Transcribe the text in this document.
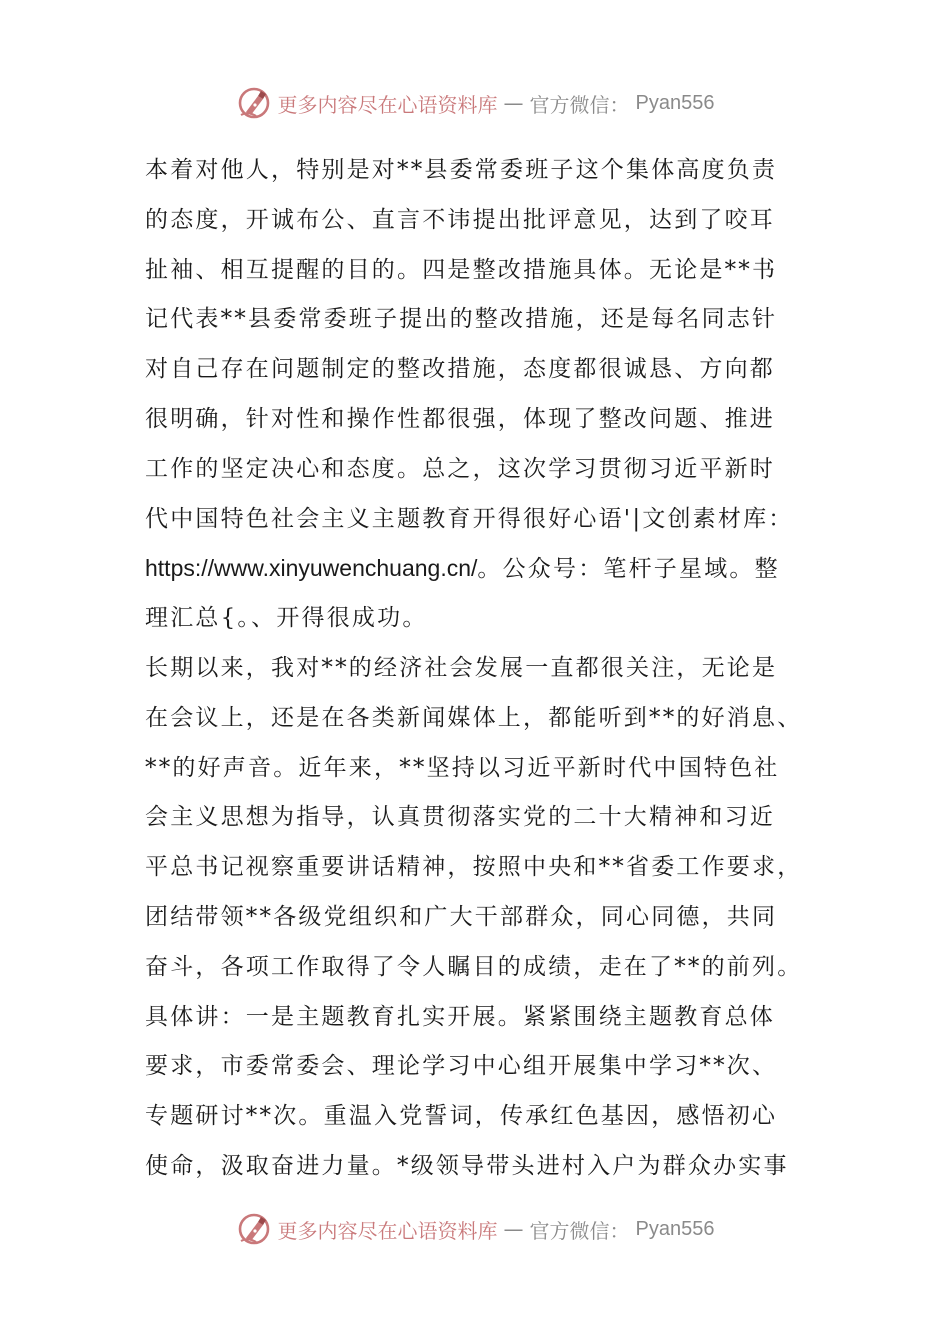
更多内容尽在心语资料库 — 官方微信： Pyan556
本着对他人，特别是对**县委常委班子这个集体高度负责
的态度，开诚布公、直言不讳提出批评意见，达到了咬耳
扯袖、相互提醒的目的。四是整改措施具体。无论是**书
记代表**县委常委班子提出的整改措施，还是每名同志针
对自己存在问题制定的整改措施，态度都很诚恳、方向都
很明确，针对性和操作性都很强，体现了整改问题、推进
工作的坚定决心和态度。总之，这次学习贯彻习近平新时
代中国特色社会主义主题教育开得很好心语'|文创素材库：
https://www.xinyuwenchuang.cn/。公众号：笔杆子星域。整
理汇总{。、开得很成功。
长期以来，我对**的经济社会发展一直都很关注，无论是
在会议上，还是在各类新闻媒体上，都能听到**的好消息、
**的好声音。近年来，**坚持以习近平新时代中国特色社
会主义思想为指导，认真贯彻落实党的二十大精神和习近
平总书记视察重要讲话精神，按照中央和**省委工作要求，
团结带领**各级党组织和广大干部群众，同心同德，共同
奋斗，各项工作取得了令人瞩目的成绩，走在了**的前列。
具体讲：一是主题教育扎实开展。紧紧围绕主题教育总体
要求，市委常委会、理论学习中心组开展集中学习**次、
专题研讨**次。重温入党誓词，传承红色基因，感悟初心
使命，汲取奋进力量。*级领导带头进村入户为群众办实事
更多内容尽在心语资料库 — 官方微信： Pyan556
